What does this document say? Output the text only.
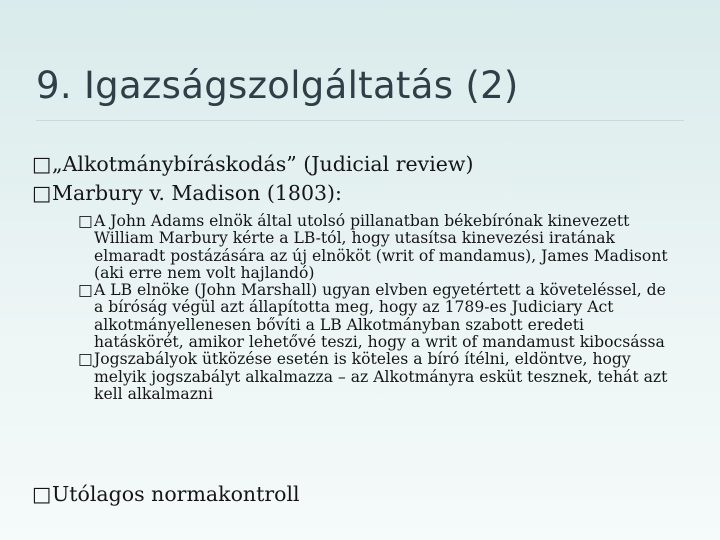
9. Igazságszolgáltatás (2)
□„Alkotmánybíráskodás” (Judicial review)
□Marbury v. Madison (1803):

□A John Adams elnök által utolsó pillanatban békebírónak kinevezett William Marbury kérte a LB-tól, hogy utasítsa kinevezési iratának elmaradt postázására az új elnököt (writ of mandamus), James Madisont (aki erre nem volt hajlandó)

□A LB elnöke (John Marshall) ugyan elvben egyetértett a követeléssel, de a bíróság végül azt állapította meg, hogy az 1789-es Judiciary Act alkotmányellenesen bővíti a LB Alkotmányban szabott eredeti hatáskörét, amikor lehetővé teszi, hogy a writ of mandamust kibocsássa

□Jogszabályok ütközése esetén is köteles a bíró ítélni, eldöntve, hogy melyik jogszabályt alkalmazza – az Alkotmányra esküt tesznek, tehát azt kell alkalmazni

□Utólagos normakontroll
